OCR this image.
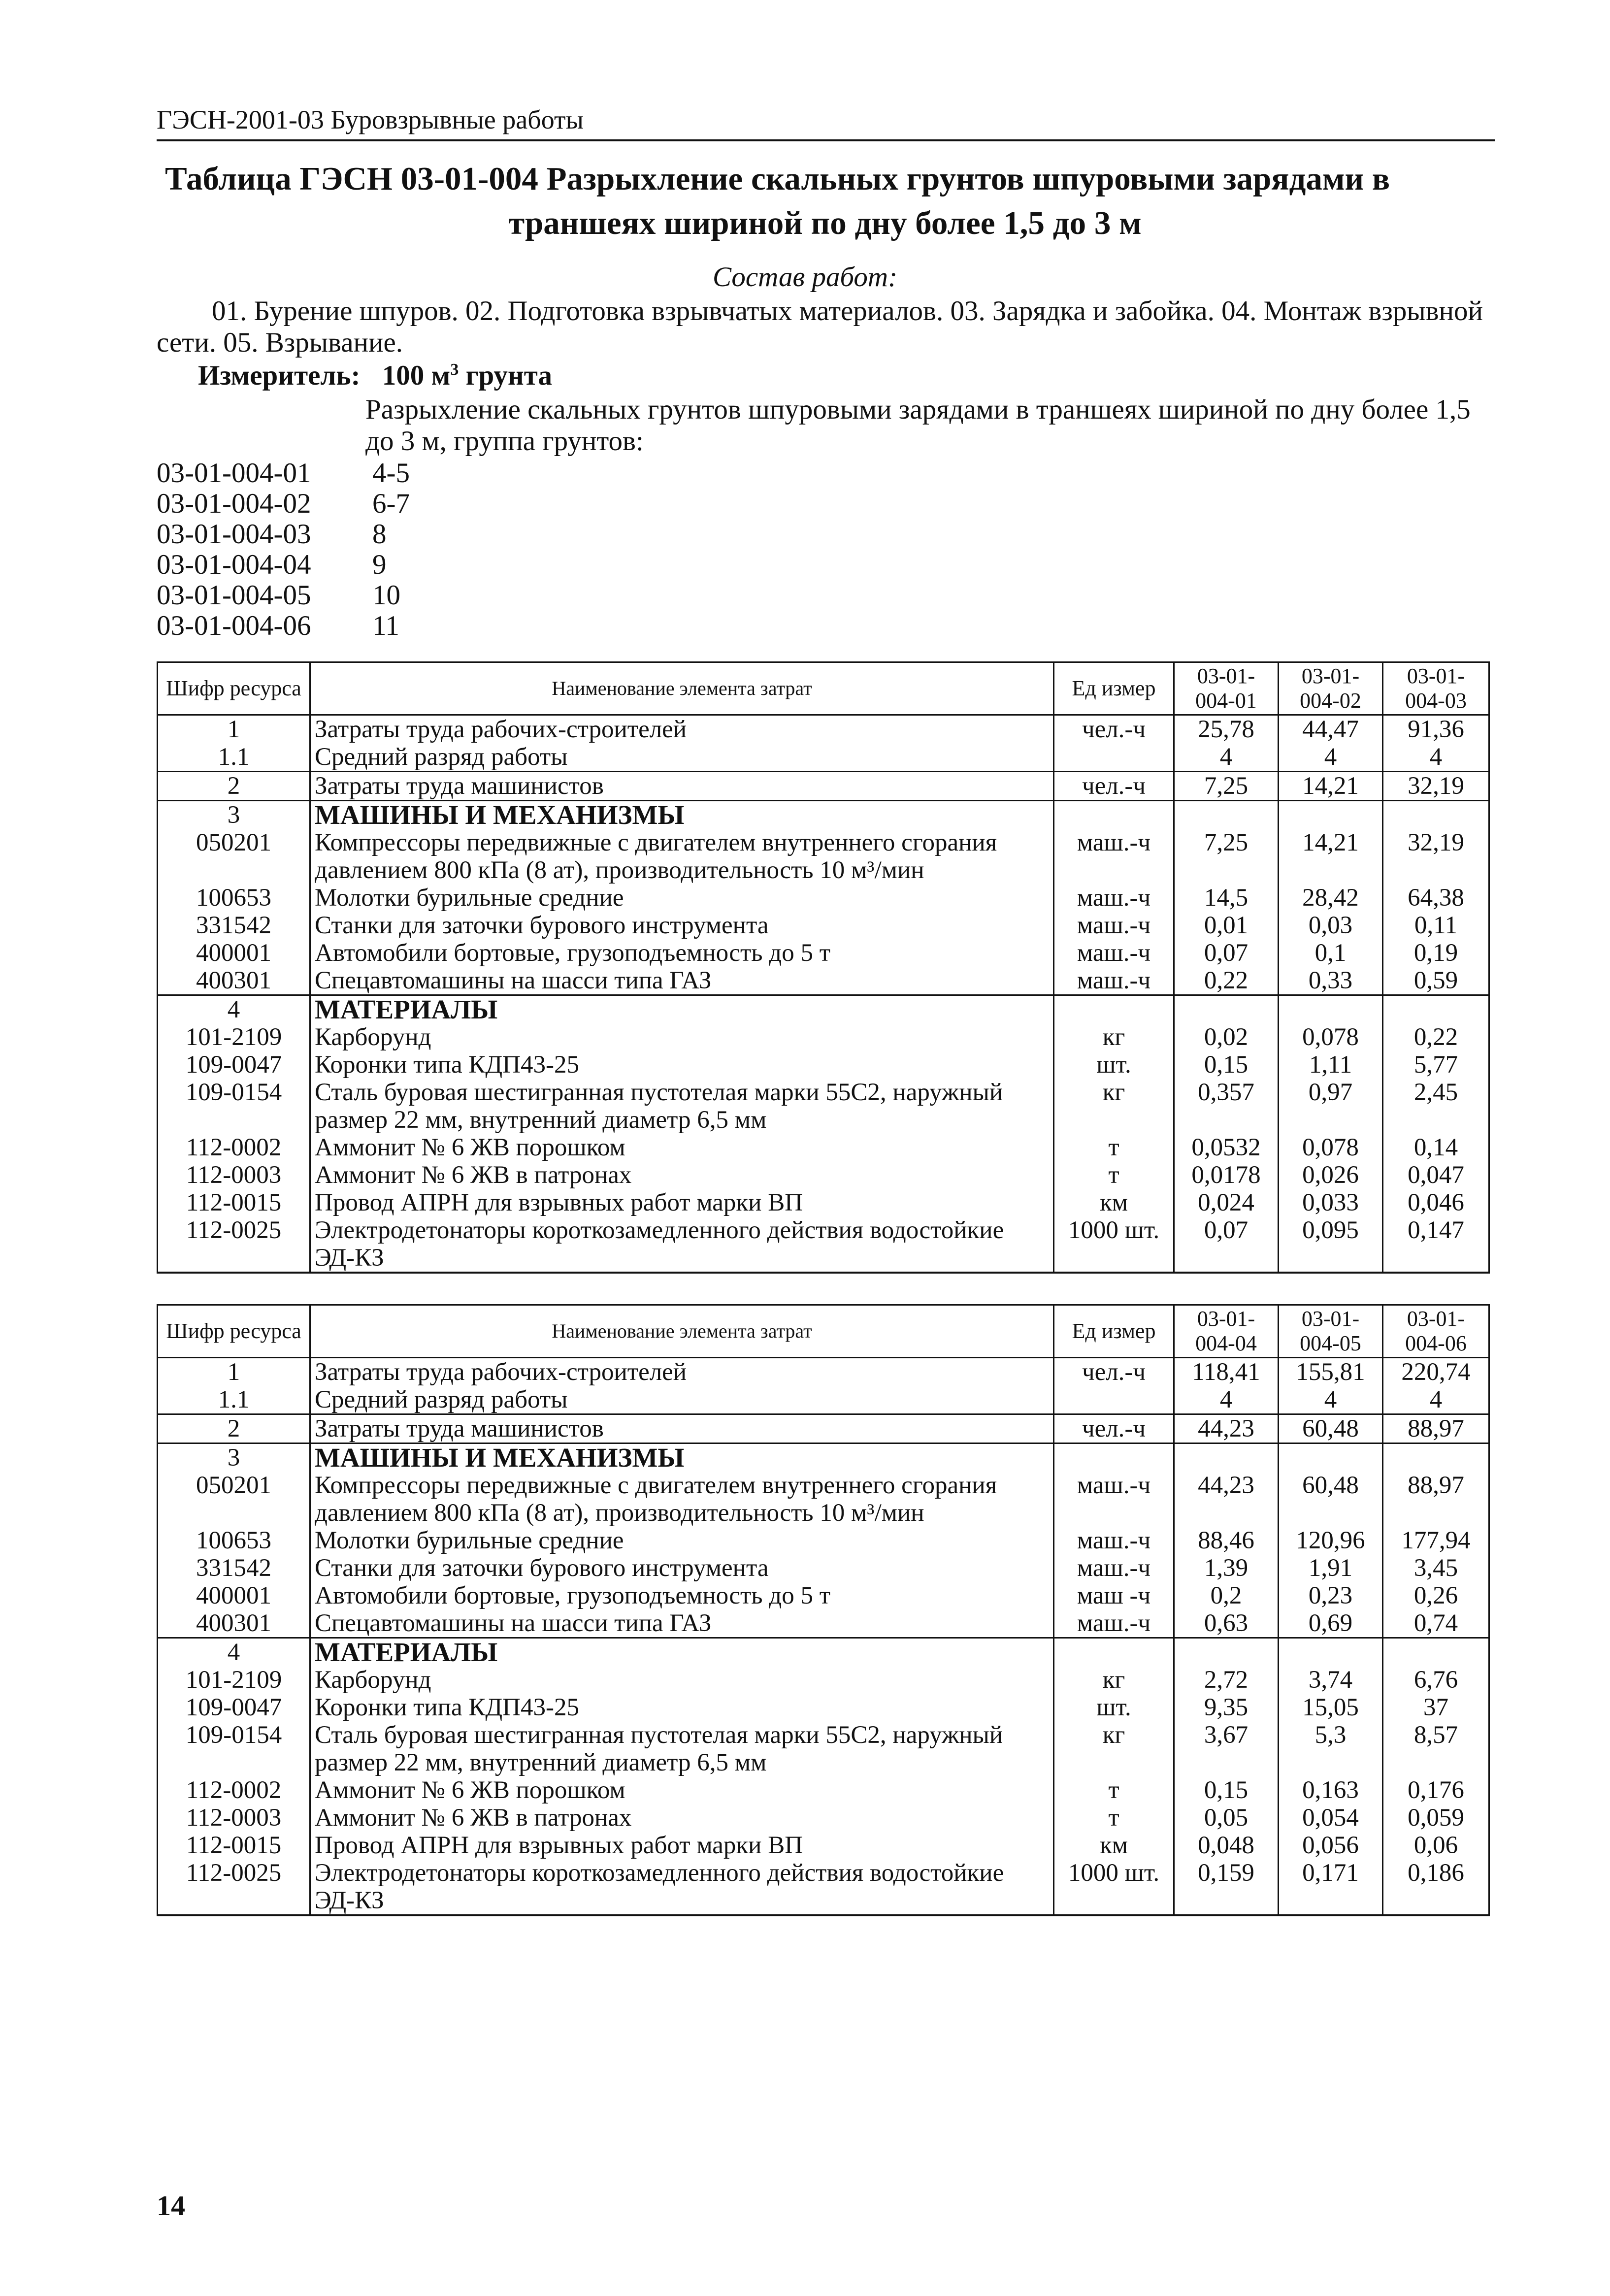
ГЭСН-2001-03 Буровзрывные работы
Таблица ГЭСН 03-01-004 Разрыхление скальных грунтов шпуровыми зарядами в
траншеях шириной по дну более 1,5 до 3 м
Состав работ:
01. Бурение шпуров. 02. Подготовка взрывчатых материалов. 03. Зарядка и забойка. 04. Монтаж взрывной сети. 05. Взрывание.
Измеритель: 100 $м^3$ грунта
Разрыхление скальных грунтов шпуровыми зарядами в траншеях шириной по дну более 1,5 до 3 м, группа грунтов:
03-01-004-01 4-5
03-01-004-02 6-7
03-01-004-03 8
03-01-004-04 9
03-01-004-05 10
03-01-004-06 11
Шифр ресурса	Наименование элемента затрат	Ед измер	03-01-004-01	03-01-004-02	03-01-004-03
1	Затраты труда рабочих-строителей	чел.-ч	25,78	44,47	91,36
1.1	Средний разряд работы		4	4	4
2	Затраты труда машинистов	чел.-ч	7,25	14,21	32,19
3	МАШИНЫ И МЕХАНИЗМЫ				
050201	Компрессоры передвижные с двигателем внутреннего сгорания давлением 800 кПа (8 ат), производительность 10 м³/мин	маш.-ч	7,25	14,21	32,19
100653	Молотки бурильные средние	маш.-ч	14,5	28,42	64,38
331542	Станки для заточки бурового инструмента	маш.-ч	0,01	0,03	0,11
400001	Автомобили бортовые, грузоподъемность до 5 т	маш.-ч	0,07	0,1	0,19
400301	Спецавтомашины на шасси типа ГАЗ	маш.-ч	0,22	0,33	0,59
4	МАТЕРИАЛЫ				
101-2109	Карборунд	кг	0,02	0,078	0,22
109-0047	Коронки типа КДП43-25	шт.	0,15	1,11	5,77
109-0154	Сталь буровая шестигранная пустотелая марки 55С2, наружный размер 22 мм, внутренний диаметр 6,5 мм	кг	0,357	0,97	2,45
112-0002	Аммонит № 6 ЖВ порошком	т	0,0532	0,078	0,14
112-0003	Аммонит № 6 ЖВ в патронах	т	0,0178	0,026	0,047
112-0015	Провод АПРН для взрывных работ марки ВП	км	0,024	0,033	0,046
112-0025	Электродетонаторы короткозамедленного действия водостойкие ЭД-КЗ	1000 шт.	0,07	0,095	0,147
Шифр ресурса	Наименование элемента затрат	Ед измер	03-01-004-04	03-01-004-05	03-01-004-06
1	Затраты труда рабочих-строителей	чел.-ч	118,41	155,81	220,74
1.1	Средний разряд работы		4	4	4
2	Затраты труда машинистов	чел.-ч	44,23	60,48	88,97
3	МАШИНЫ И МЕХАНИЗМЫ				
050201	Компрессоры передвижные с двигателем внутреннего сгорания давлением 800 кПа (8 ат), производительность 10 м³/мин	маш.-ч	44,23	60,48	88,97
100653	Молотки бурильные средние	маш.-ч	88,46	120,96	177,94
331542	Станки для заточки бурового инструмента	маш.-ч	1,39	1,91	3,45
400001	Автомобили бортовые, грузоподъемность до 5 т	маш -ч	0,2	0,23	0,26
400301	Спецавтомашины на шасси типа ГАЗ	маш.-ч	0,63	0,69	0,74
4	МАТЕРИАЛЫ				
101-2109	Карборунд	кг	2,72	3,74	6,76
109-0047	Коронки типа КДП43-25	шт.	9,35	15,05	37
109-0154	Сталь буровая шестигранная пустотелая марки 55С2, наружный размер 22 мм, внутренний диаметр 6,5 мм	кг	3,67	5,3	8,57
112-0002	Аммонит № 6 ЖВ порошком	т	0,15	0,163	0,176
112-0003	Аммонит № 6 ЖВ в патронах	т	0,05	0,054	0,059
112-0015	Провод АПРН для взрывных работ марки ВП	км	0,048	0,056	0,06
112-0025	Электродетонаторы короткозамедленного действия водостойкие ЭД-КЗ	1000 шт.	0,159	0,171	0,186
14
